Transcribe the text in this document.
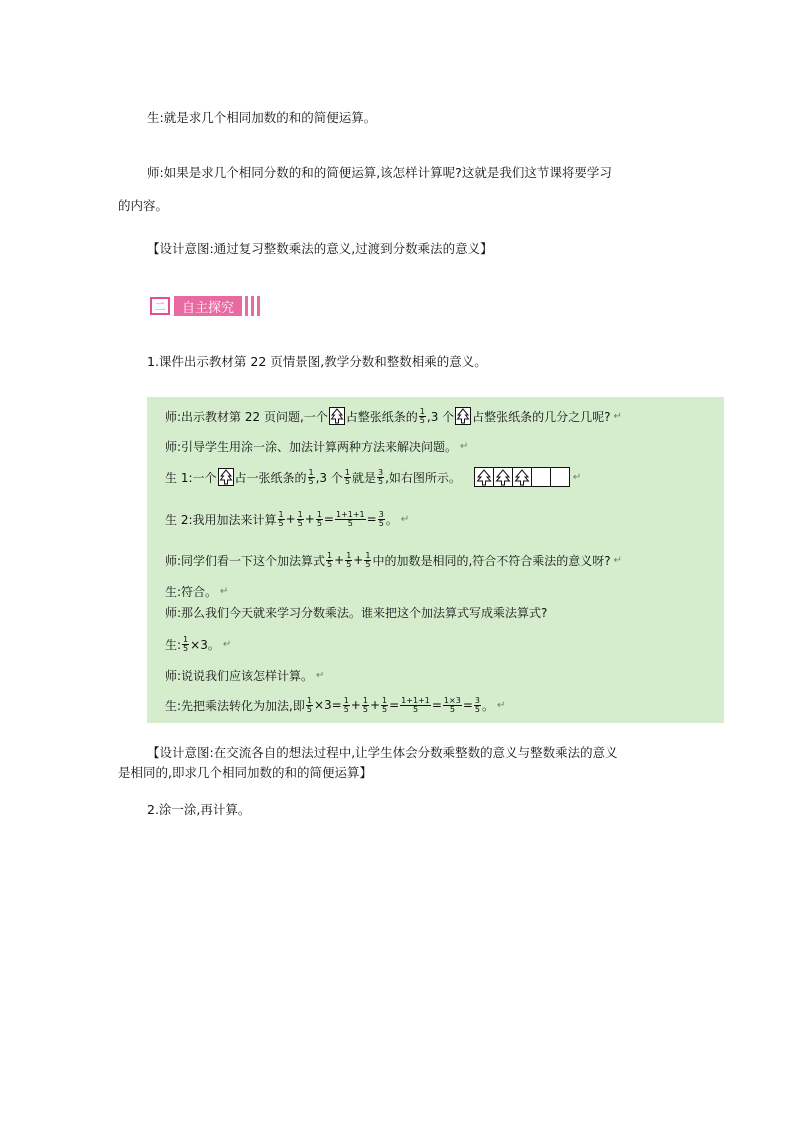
生:就是求几个相同加数的和的简便运算。
师:如果是求几个相同分数的和的简便运算,该怎样计算呢?这就是我们这节课将要学习
的内容。
【设计意图:通过复习整数乘法的意义,过渡到分数乘法的意义】
二	自主探究
1.课件出示教材第 22 页情景图,教学分数和整数相乘的意义。
师:出示教材第 22 页问题,一个 占整张纸条的 $\frac{1}{5} ,3$ 个 占整张纸条的几分之几呢? ↵
师:引导学生用涂一涂、加法计算两种方法来解决问题。 ↵
生 1:一个 占一张纸条的 $\frac{1}{5} ,3$ 个 $\frac{1}{5}$ 就是 $\frac{3}{5}$ ,如右图所示。	↵
生 2:我用加法来计算 $\frac{1}{5} + \frac{1}{5} + \frac{1}{5} = \frac{1+1+1}{5} = \frac{3}{5}$ 。 ↵
师:同学们看一下这个加法算式 $\frac{1}{5} + \frac{1}{5} + \frac{1}{5}$ 中的加数是相同的,符合不符合乘法的意义呀? ↵
生:符合。 ↵
师:那么我们今天就来学习分数乘法。谁来把这个加法算式写成乘法算式?
生: $\frac{1}{5} \times 3$。 ↵
师:说说我们应该怎样计算。 ↵
生:先把乘法转化为加法,即 $\frac{1}{5} \times 3= \frac{1}{5} + \frac{1}{5} + \frac{1}{5} = \frac{1+1+1}{5} = \frac{1\times 3}{5} = \frac{3}{5}$ 。 ↵
【设计意图:在交流各自的想法过程中,让学生体会分数乘整数的意义与整数乘法的意义
是相同的,即求几个相同加数的和的简便运算】
2.涂一涂,再计算。
